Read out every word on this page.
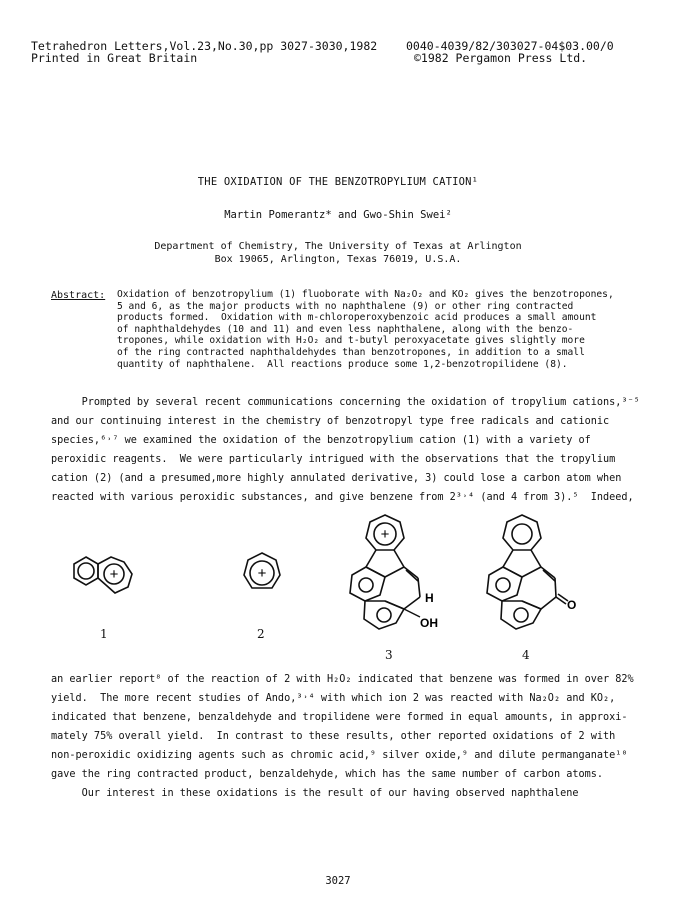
Tetrahedron Letters,Vol.23,No.30,pp 3027-3030,1982
Printed in Great Britain
0040-4039/82/303027-04$03.00/0
©1982 Pergamon Press Ltd.
THE OXIDATION OF THE BENZOTROPYLIUM CATION¹
Martin Pomerantz* and Gwo-Shin Swei²
Department of Chemistry, The University of Texas at Arlington
Box 19065, Arlington, Texas 76019, U.S.A.
Abstract: Oxidation of benzotropylium (1) fluoborate with Na₂O₂ and KO₂ gives the benzotropones,
5 and 6, as the major products with no naphthalene (9) or other ring contracted
products formed.  Oxidation with m-chloroperoxybenzoic acid produces a small amount
of naphthaldehydes (10 and 11) and even less naphthalene, along with the benzo-
tropones, while oxidation with H₂O₂ and t-butyl peroxyacetate gives slightly more
of the ring contracted naphthaldehydes than benzotropones, in addition to a small
quantity of naphthalene.  All reactions produce some 1,2-benzotropilidene (8).
Prompted by several recent communications concerning the oxidation of tropylium cations,³⁻⁵
and our continuing interest in the chemistry of benzotropyl type free radicals and cationic
species,⁶˒⁷ we examined the oxidation of the benzotropylium cation (1) with a variety of
peroxidic reagents.  We were particularly intrigued with the observations that the tropylium
cation (2) (and a presumed,more highly annulated derivative, 3) could lose a carbon atom when
reacted with various peroxidic substances, and give benzene from 2³˒⁴ (and 4 from 3).⁵  Indeed,
+	+
+
H
OH
O
1	2
3	4
an earlier report⁸ of the reaction of 2 with H₂O₂ indicated that benzene was formed in over 82%
yield.  The more recent studies of Ando,³˒⁴ with which ion 2 was reacted with Na₂O₂ and KO₂,
indicated that benzene, benzaldehyde and tropilidene were formed in equal amounts, in approxi-
mately 75% overall yield.  In contrast to these results, other reported oxidations of 2 with
non-peroxidic oxidizing agents such as chromic acid,⁹ silver oxide,⁹ and dilute permanganate¹⁰
gave the ring contracted product, benzaldehyde, which has the same number of carbon atoms.
Our interest in these oxidations is the result of our having observed naphthalene
3027
